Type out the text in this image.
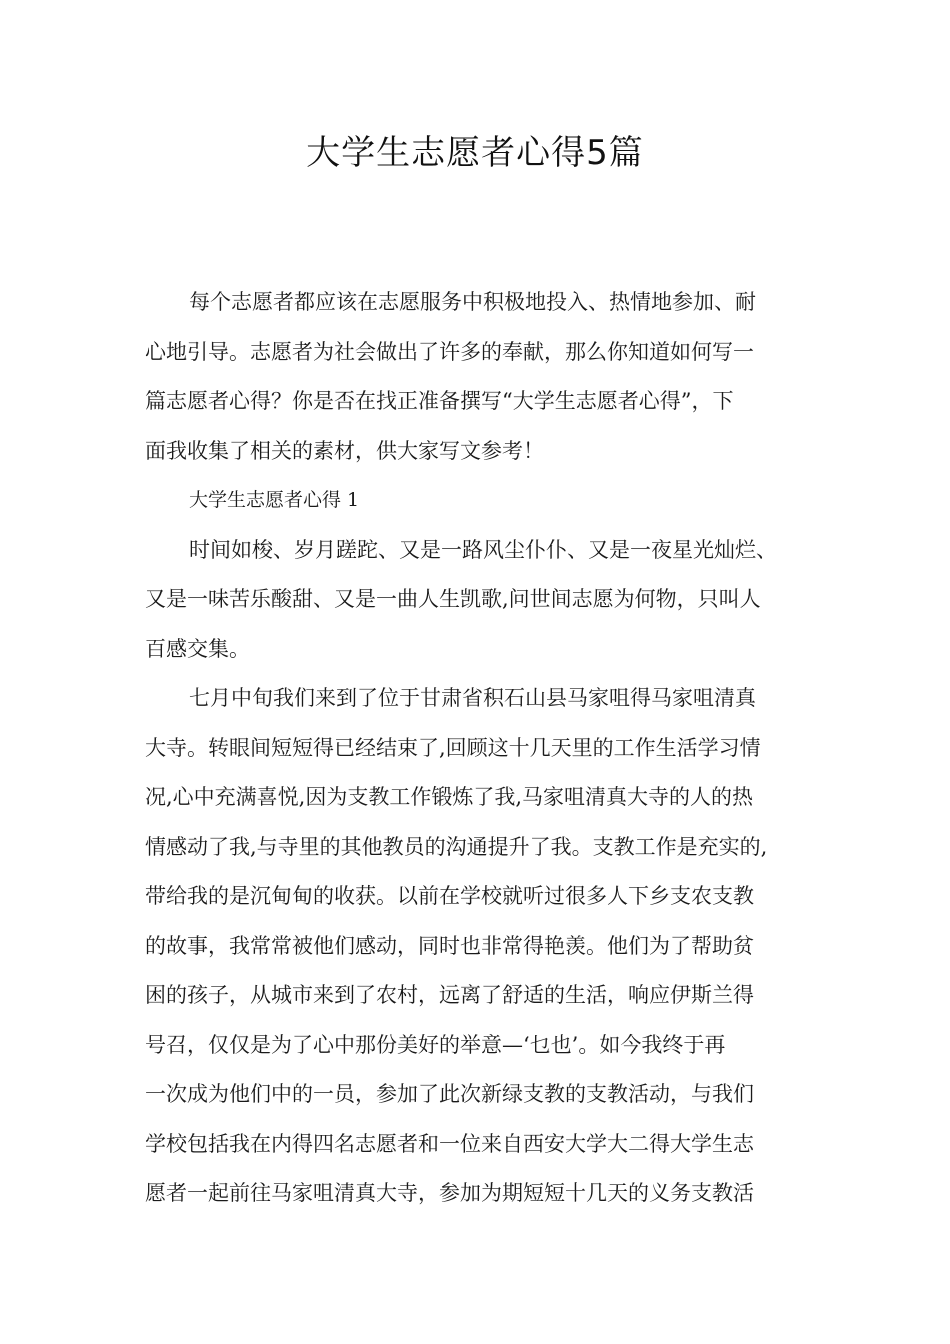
大学生志愿者心得5篇
每个志愿者都应该在志愿服务中积极地投入、热情地参加、耐
心地引导。志愿者为社会做出了许多的奉献，那么你知道如何写一
篇志愿者心得？你是否在找正准备撰写“大学生志愿者心得”，下
面我收集了相关的素材，供大家写文参考！
大学生志愿者心得 1
时间如梭、岁月蹉跎、又是一路风尘仆仆、又是一夜星光灿烂、
又是一味苦乐酸甜、又是一曲人生凯歌,问世间志愿为何物，只叫人
百感交集。
七月中旬我们来到了位于甘肃省积石山县马家咀得马家咀清真
大寺。转眼间短短得已经结束了,回顾这十几天里的工作生活学习情
况,心中充满喜悦,因为支教工作锻炼了我,马家咀清真大寺的人的热
情感动了我,与寺里的其他教员的沟通提升了我。支教工作是充实的,
带给我的是沉甸甸的收获。以前在学校就听过很多人下乡支农支教
的故事，我常常被他们感动，同时也非常得艳羡。他们为了帮助贫
困的孩子，从城市来到了农村，远离了舒适的生活，响应伊斯兰得
号召，仅仅是为了心中那份美好的举意—‘乜也’。如今我终于再
一次成为他们中的一员，参加了此次新绿支教的支教活动，与我们
学校包括我在内得四名志愿者和一位来自西安大学大二得大学生志
愿者一起前往马家咀清真大寺，参加为期短短十几天的义务支教活
